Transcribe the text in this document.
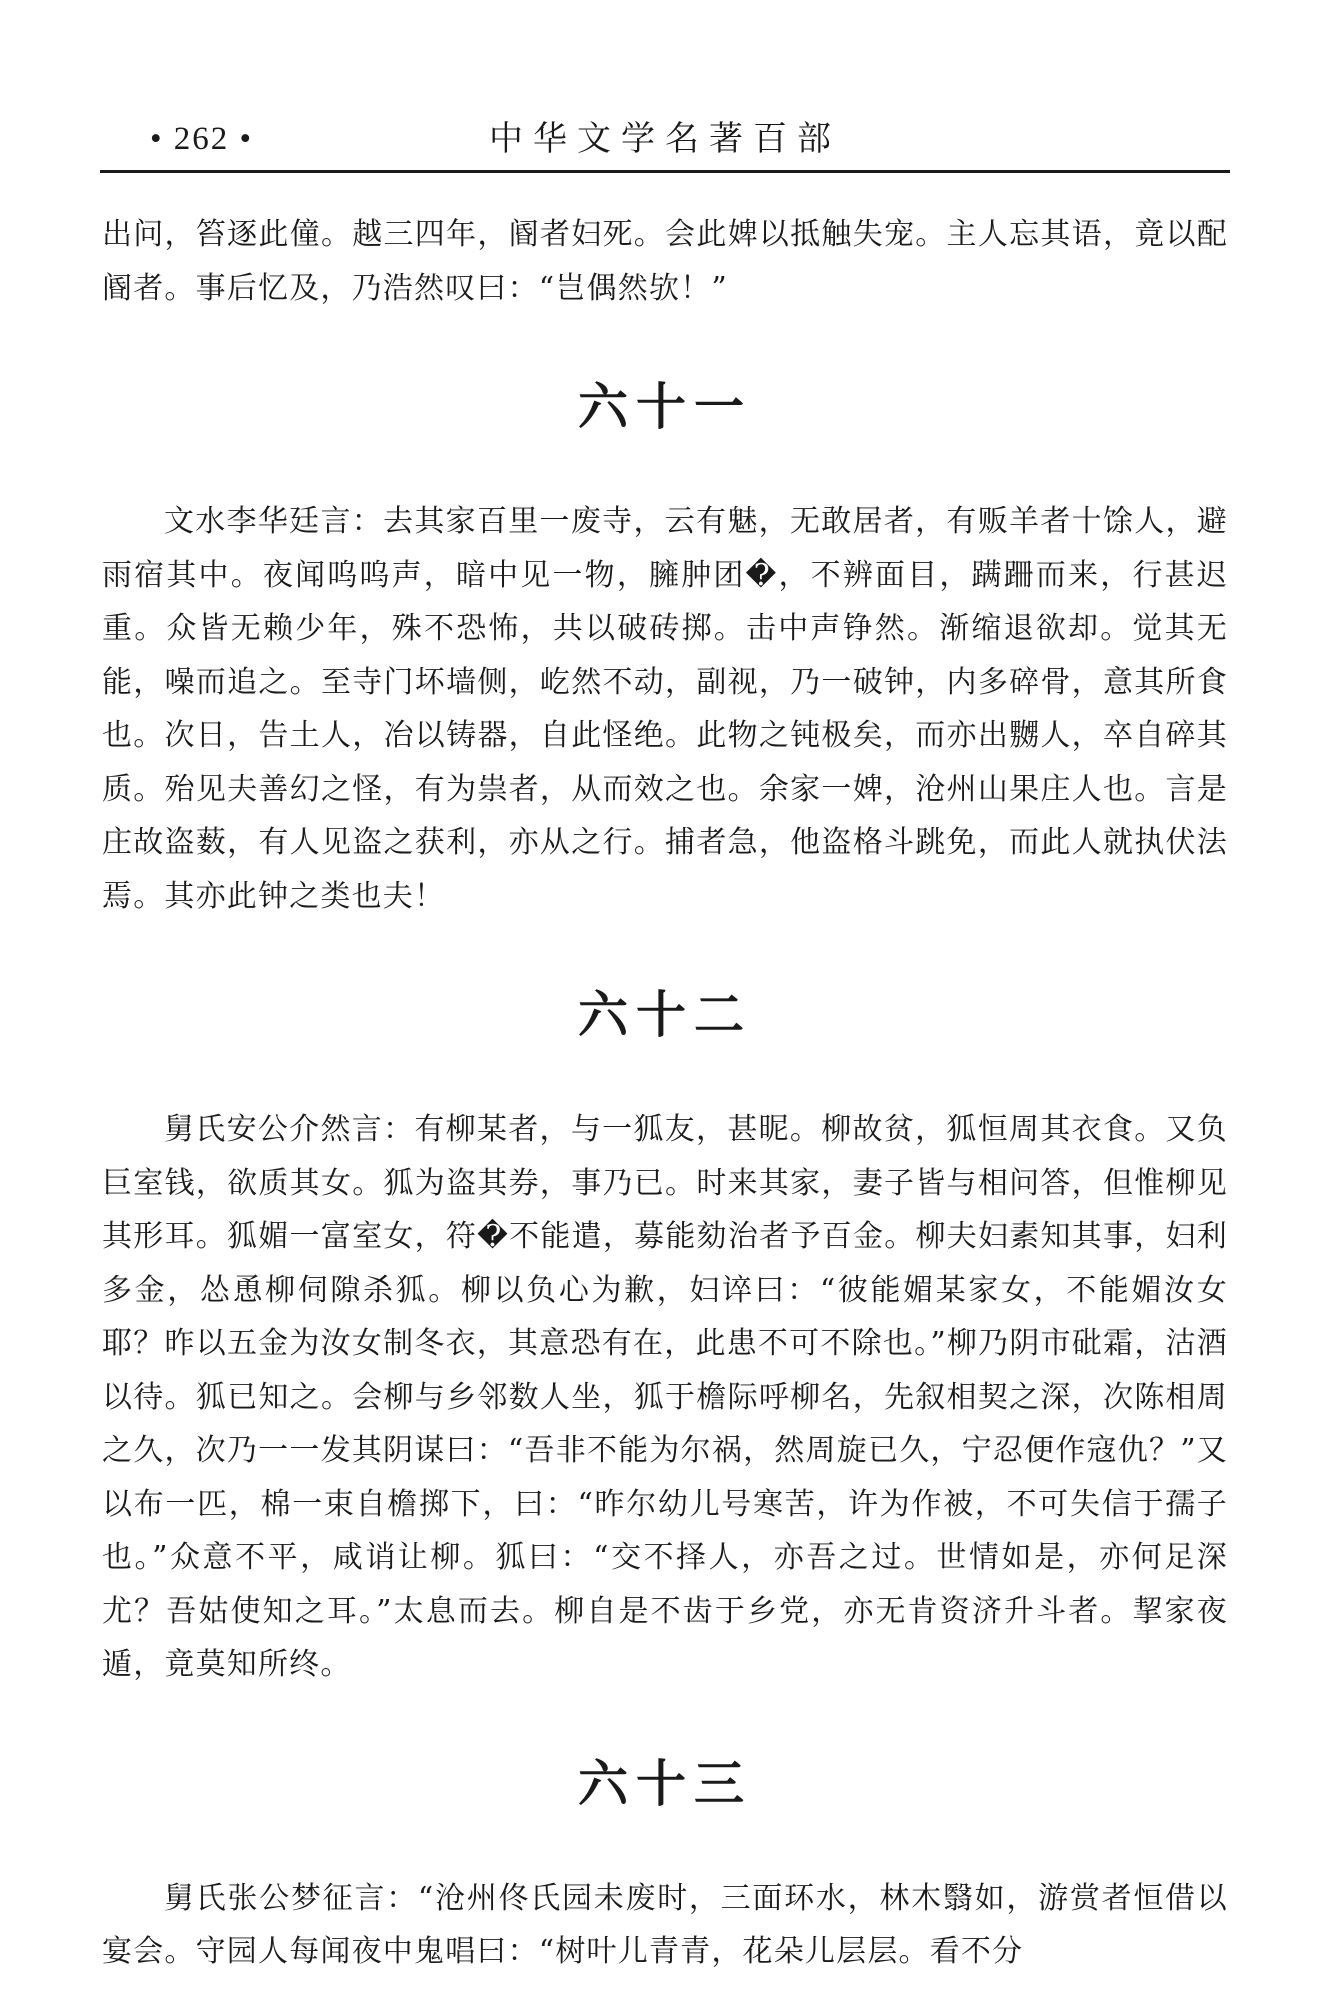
• 262 •	中华文学名著百部

出问，笞逐此僮。越三四年，阍者妇死。会此婢以抵触失宠。主人忘其语，竟以配阍者。事后忆及，乃浩然叹曰：“岂偶然欤！”

六十一

文水李华廷言：去其家百里一废寺，云有魅，无敢居者，有贩羊者十馀人，避雨宿其中。夜闻呜呜声，暗中见一物，臃肿团�，不辨面目，蹒跚而来，行甚迟重。众皆无赖少年，殊不恐怖，共以破砖掷。击中声铮然。渐缩退欲却。觉其无能，噪而追之。至寺门坏墙侧，屹然不动，副视，乃一破钟，内多碎骨，意其所食也。次日，告土人，冶以铸器，自此怪绝。此物之钝极矣，而亦出嬲人，卒自碎其质。殆见夫善幻之怪，有为祟者，从而效之也。余家一婢，沧州山果庄人也。言是庄故盗薮，有人见盗之获利，亦从之行。捕者急，他盗格斗跳免，而此人就执伏法焉。其亦此钟之类也夫！

六十二

舅氏安公介然言：有柳某者，与一狐友，甚昵。柳故贫，狐恒周其衣食。又负巨室钱，欲质其女。狐为盗其券，事乃已。时来其家，妻子皆与相问答，但惟柳见其形耳。狐媚一富室女，符�不能遣，募能劾治者予百金。柳夫妇素知其事，妇利多金，怂恿柳伺隙杀狐。柳以负心为歉，妇谇曰：“彼能媚某家女，不能媚汝女耶？昨以五金为汝女制冬衣，其意恐有在，此患不可不除也。”柳乃阴市砒霜，沽酒以待。狐已知之。会柳与乡邻数人坐，狐于檐际呼柳名，先叙相契之深，次陈相周之久，次乃一一发其阴谋曰：“吾非不能为尔祸，然周旋已久，宁忍便作寇仇？”又以布一匹，棉一束自檐掷下，曰：“昨尔幼儿号寒苦，许为作被，不可失信于孺子也。”众意不平，咸诮让柳。狐曰：“交不择人，亦吾之过。世情如是，亦何足深尤？吾姑使知之耳。”太息而去。柳自是不齿于乡党，亦无肯资济升斗者。挈家夜遁，竟莫知所终。

六十三

舅氏张公梦征言：“沧州佟氏园未废时，三面环水，林木翳如，游赏者恒借以宴会。守园人每闻夜中鬼唱曰：“树叶儿青青，花朵儿层层。看不分
